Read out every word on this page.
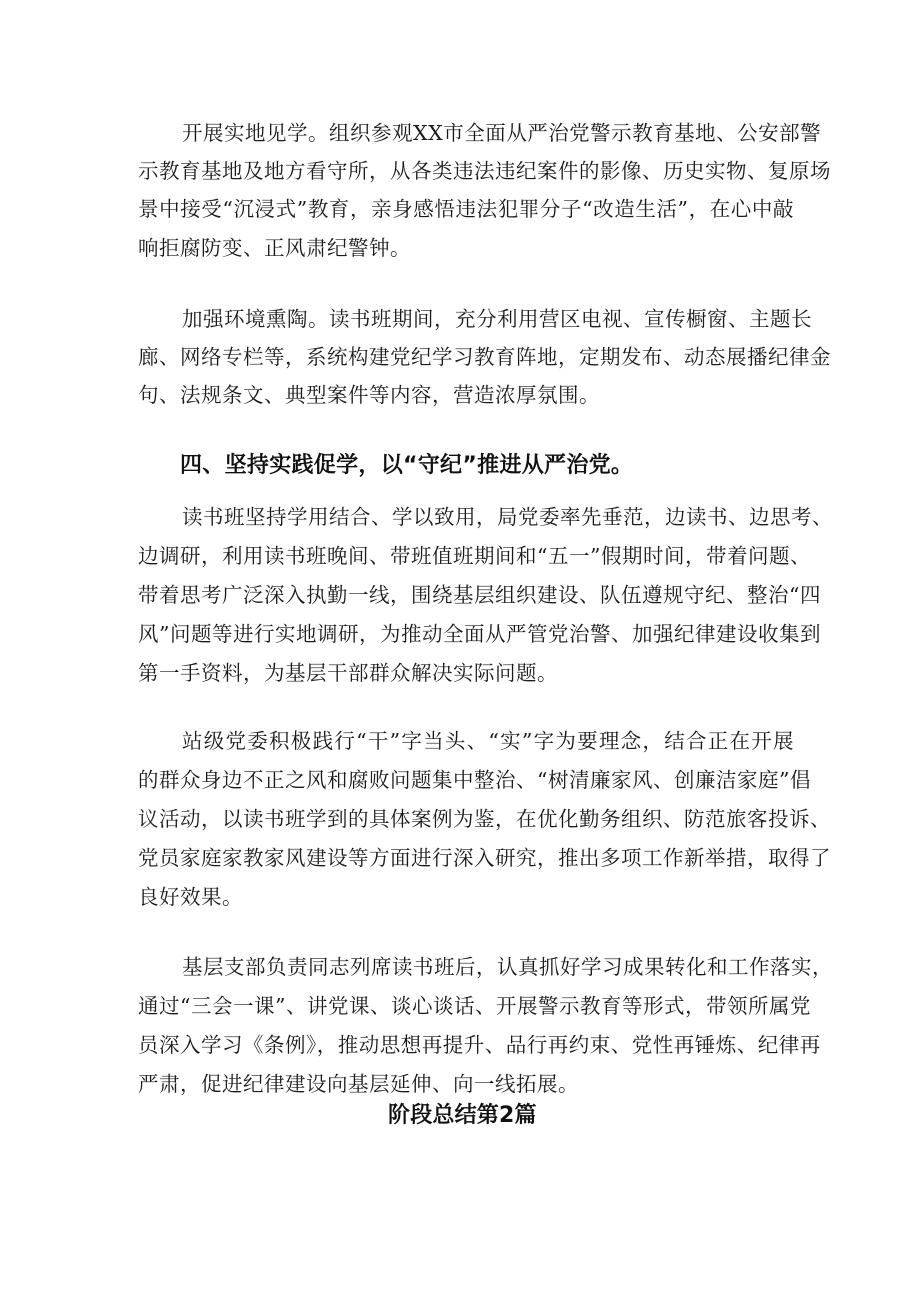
开展实地见学。组织参观XX市全面从严治党警示教育基地、公安部警
示教育基地及地方看守所，从各类违法违纪案件的影像、历史实物、复原场
景中接受“沉浸式”教育，亲身感悟违法犯罪分子“改造生活”，在心中敲
响拒腐防变、正风肃纪警钟。
加强环境熏陶。读书班期间，充分利用营区电视、宣传橱窗、主题长
廊、网络专栏等，系统构建党纪学习教育阵地，定期发布、动态展播纪律金
句、法规条文、典型案件等内容，营造浓厚氛围。
四、坚持实践促学，以“守纪”推进从严治党。
读书班坚持学用结合、学以致用，局党委率先垂范，边读书、边思考、
边调研，利用读书班晚间、带班值班期间和“五一”假期时间，带着问题、
带着思考广泛深入执勤一线，围绕基层组织建设、队伍遵规守纪、整治“四
风”问题等进行实地调研，为推动全面从严管党治警、加强纪律建设收集到
第一手资料，为基层干部群众解决实际问题。
站级党委积极践行“干”字当头、“实”字为要理念，结合正在开展
的群众身边不正之风和腐败问题集中整治、“树清廉家风、创廉洁家庭”倡
议活动，以读书班学到的具体案例为鉴，在优化勤务组织、防范旅客投诉、
党员家庭家教家风建设等方面进行深入研究，推出多项工作新举措，取得了
良好效果。
基层支部负责同志列席读书班后，认真抓好学习成果转化和工作落实，
通过“三会一课”、讲党课、谈心谈话、开展警示教育等形式，带领所属党
员深入学习《条例》，推动思想再提升、品行再约束、党性再锤炼、纪律再
严肃，促进纪律建设向基层延伸、向一线拓展。
阶段总结第2篇
